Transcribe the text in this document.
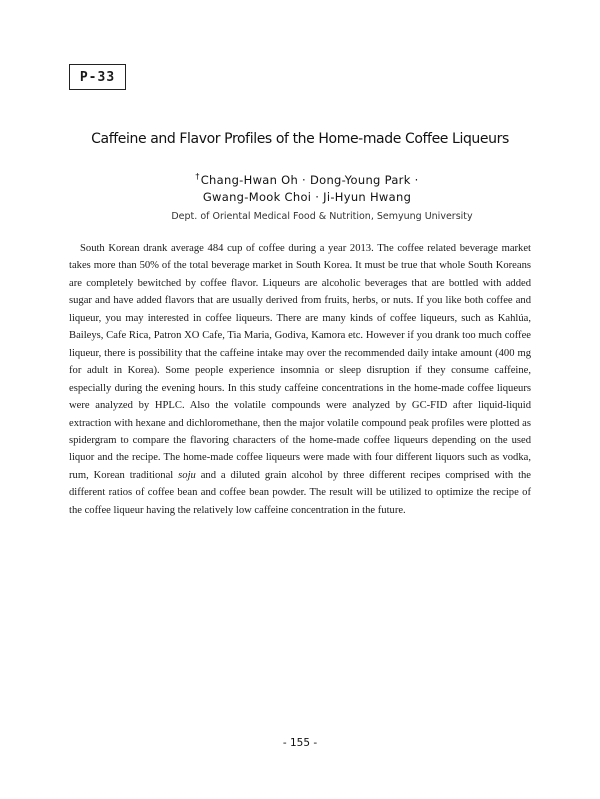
P-33
Caffeine and Flavor Profiles of the Home-made Coffee Liqueurs
†Chang-Hwan Oh · Dong-Young Park ·
Gwang-Mook Choi · Ji-Hyun Hwang
Dept. of Oriental Medical Food & Nutrition, Semyung University

South Korean drank average 484 cup of coffee during a year 2013. The coffee related beverage market takes more than 50% of the total beverage market in South Korea. It must be true that whole South Koreans are completely bewitched by coffee flavor. Liqueurs are alcoholic beverages that are bottled with added sugar and have added flavors that are usually derived from fruits, herbs, or nuts. If you like both coffee and liqueur, you may interested in coffee liqueurs. There are many kinds of coffee liqueurs, such as Kahlúa, Baileys, Cafe Rica, Patron XO Cafe, Tia Maria, Godiva, Kamora etc. However if you drank too much coffee liqueur, there is possibility that the caffeine intake may over the recommended daily intake amount (400 mg for adult in Korea). Some people experience insomnia or sleep disruption if they consume caffeine, especially during the evening hours. In this study caffeine concentrations in the home-made coffee liqueurs were analyzed by HPLC. Also the volatile compounds were analyzed by GC-FID after liquid-liquid extraction with hexane and dichloromethane, then the major volatile compound peak profiles were plotted as spidergram to compare the flavoring characters of the home-made coffee liqueurs depending on the used liquor and the recipe. The home-made coffee liqueurs were made with four different liquors such as vodka, rum, Korean traditional soju and a diluted grain alcohol by three different recipes comprised with the different ratios of coffee bean and coffee bean powder. The result will be utilized to optimize the recipe of the coffee liqueur having the relatively low caffeine concentration in the future.

- 155 -
